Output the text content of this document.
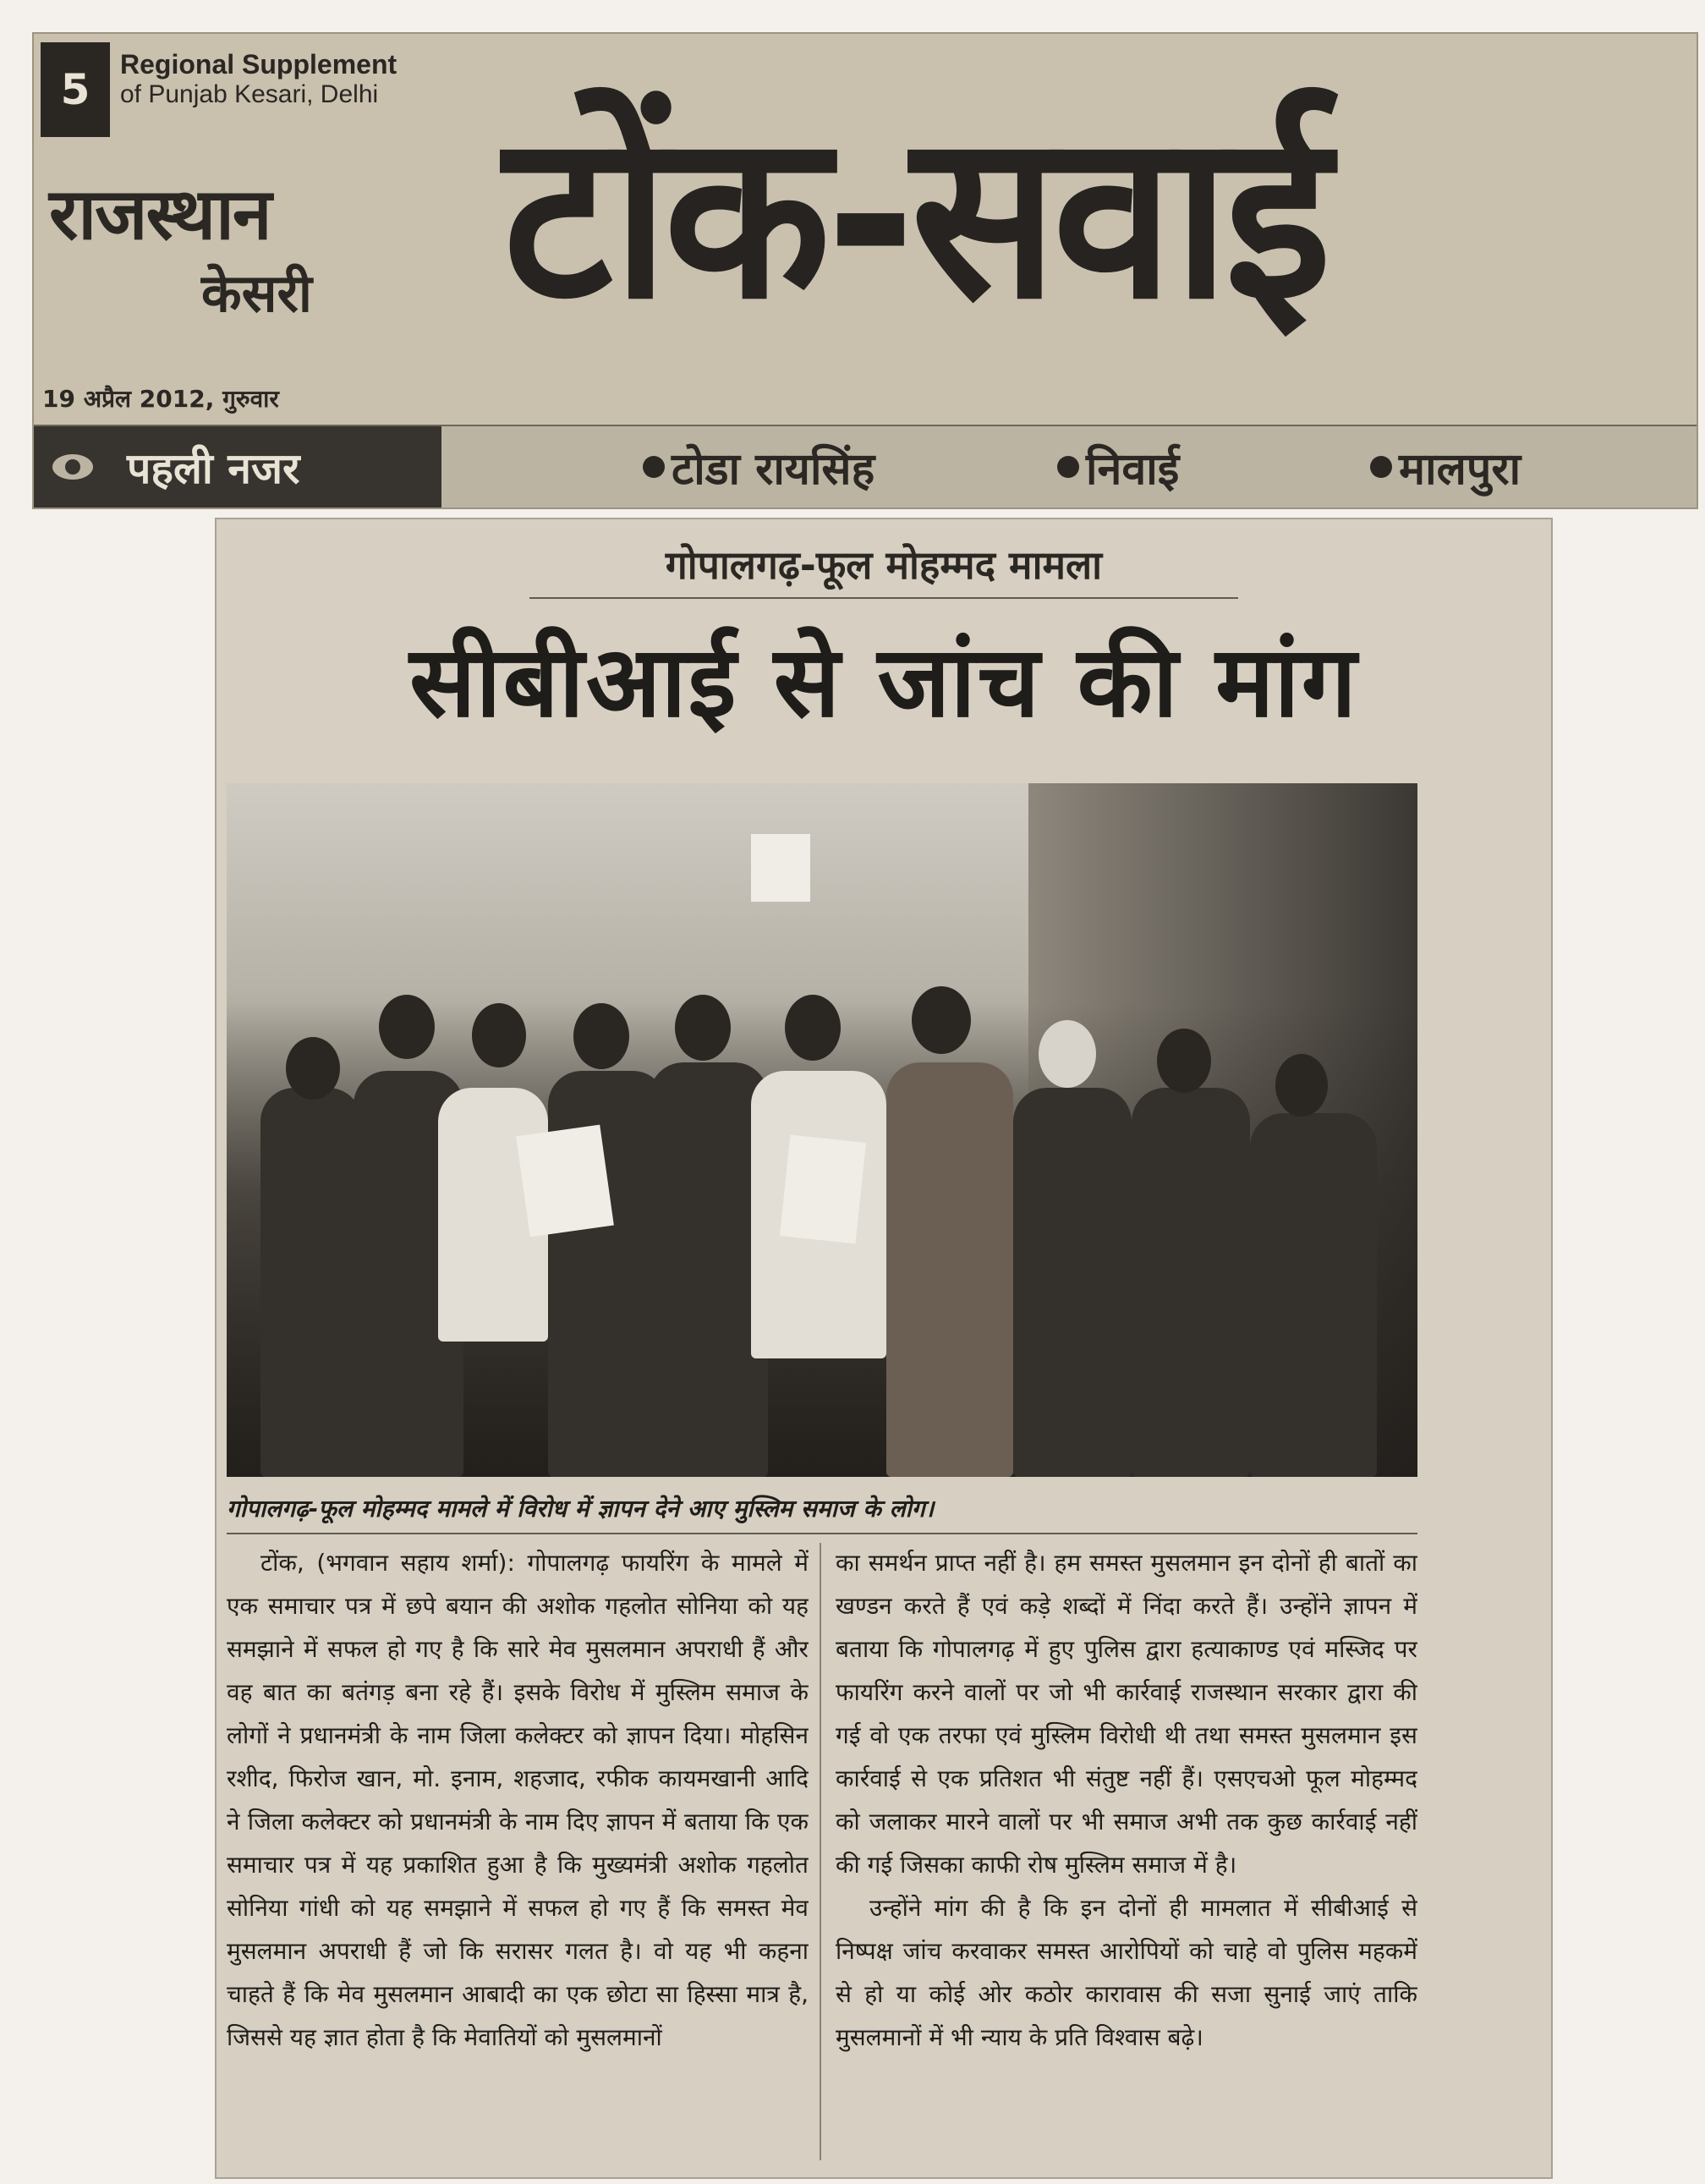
5
Regional Supplement
of Punjab Kesari, Delhi
राजस्थान
केसरी टोंक-सवाई
19 अप्रैल 2012, गुरुवार
पहली नजर	टोडा रायसिंह	निवाई	मालपुरा
गोपालगढ़-फूल मोहम्मद मामला
सीबीआई से जांच की मांग
गोपालगढ़-फूल मोहम्मद मामले में विरोध में ज्ञापन देने आए मुस्लिम समाज के लोग।

टोंक, (भगवान सहाय शर्मा): गोपालगढ़ फायरिंग के मामले में एक समाचार पत्र में छपे बयान की अशोक गहलोत सोनिया को यह समझाने में सफल हो गए है कि सारे मेव मुसलमान अपराधी हैं और वह बात का बतंगड़ बना रहे हैं। इसके विरोध में मुस्लिम समाज के लोगों ने प्रधानमंत्री के नाम जिला कलेक्टर को ज्ञापन दिया। मोहसिन रशीद, फिरोज खान, मो. इनाम, शहजाद, रफीक कायमखानी आदि ने जिला कलेक्टर को प्रधानमंत्री के नाम दिए ज्ञापन में बताया कि एक समाचार पत्र में यह प्रकाशित हुआ है कि मुख्यमंत्री अशोक गहलोत सोनिया गांधी को यह समझाने में सफल हो गए हैं कि समस्त मेव मुसलमान अपराधी हैं जो कि सरासर गलत है। वो यह भी कहना चाहते हैं कि मेव मुसलमान आबादी का एक छोटा सा हिस्सा मात्र है, जिससे यह ज्ञात होता है कि मेवातियों को मुसलमानों

का समर्थन प्राप्त नहीं है। हम समस्त मुसलमान इन दोनों ही बातों का खण्डन करते हैं एवं कड़े शब्दों में निंदा करते हैं। उन्होंने ज्ञापन में बताया कि गोपालगढ़ में हुए पुलिस द्वारा हत्याकाण्ड एवं मस्जिद पर फायरिंग करने वालों पर जो भी कार्रवाई राजस्थान सरकार द्वारा की गई वो एक तरफा एवं मुस्लिम विरोधी थी तथा समस्त मुसलमान इस कार्रवाई से एक प्रतिशत भी संतुष्ट नहीं हैं। एसएचओ फूल मोहम्मद को जलाकर मारने वालों पर भी समाज अभी तक कुछ कार्रवाई नहीं की गई जिसका काफी रोष मुस्लिम समाज में है।

उन्होंने मांग की है कि इन दोनों ही मामलात में सीबीआई से निष्पक्ष जांच करवाकर समस्त आरोपियों को चाहे वो पुलिस महकमें से हो या कोई ओर कठोर कारावास की सजा सुनाई जाएं ताकि मुसलमानों में भी न्याय के प्रति विश्वास बढ़े।
